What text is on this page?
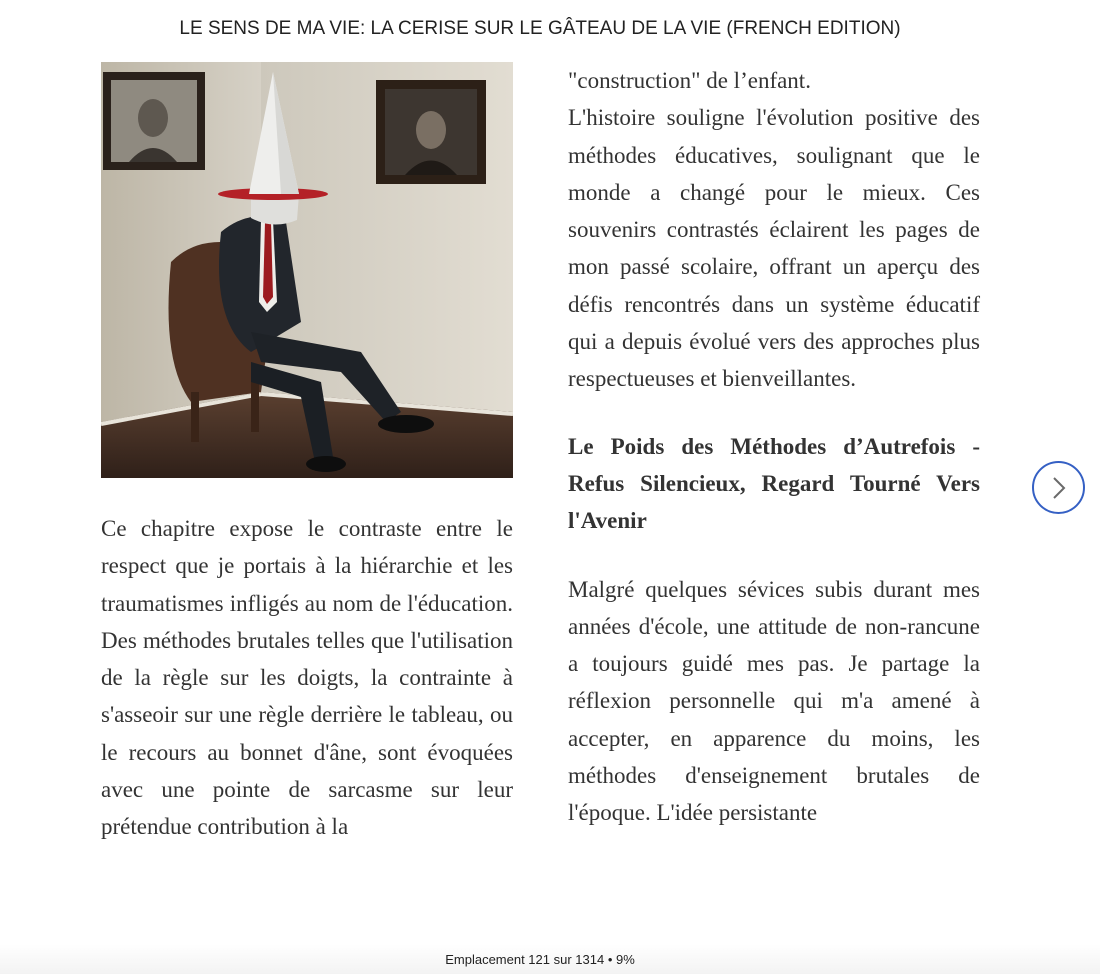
LE SENS DE MA VIE: LA CERISE SUR LE GÂTEAU DE LA VIE (FRENCH EDITION)

Ce chapitre expose le contraste entre le respect que je portais à la hiérarchie et les traumatismes infligés au nom de l'éducation. Des méthodes brutales telles que l'utilisation de la règle sur les doigts, la contrainte à s'asseoir sur une règle derrière le tableau, ou le recours au bonnet d'âne, sont évoquées avec une pointe de sarcasme sur leur prétendue contribution à la

"construction" de l’enfant.

L'histoire souligne l'évolution positive des méthodes éducatives, soulignant que le monde a changé pour le mieux. Ces souvenirs contrastés éclairent les pages de mon passé scolaire, offrant un aperçu des défis rencontrés dans un système éducatif qui a depuis évolué vers des approches plus respectueuses et bienveillantes.

Le Poids des Méthodes d’Autrefois - Refus Silencieux, Regard Tourné Vers l'Avenir

Malgré quelques sévices subis durant mes années d'école, une attitude de non-rancune a toujours guidé mes pas. Je partage la réflexion personnelle qui m'a amené à accepter, en apparence du moins, les méthodes d'enseignement brutales de l'époque. L'idée persistante

Emplacement 121 sur 1314 • 9%
